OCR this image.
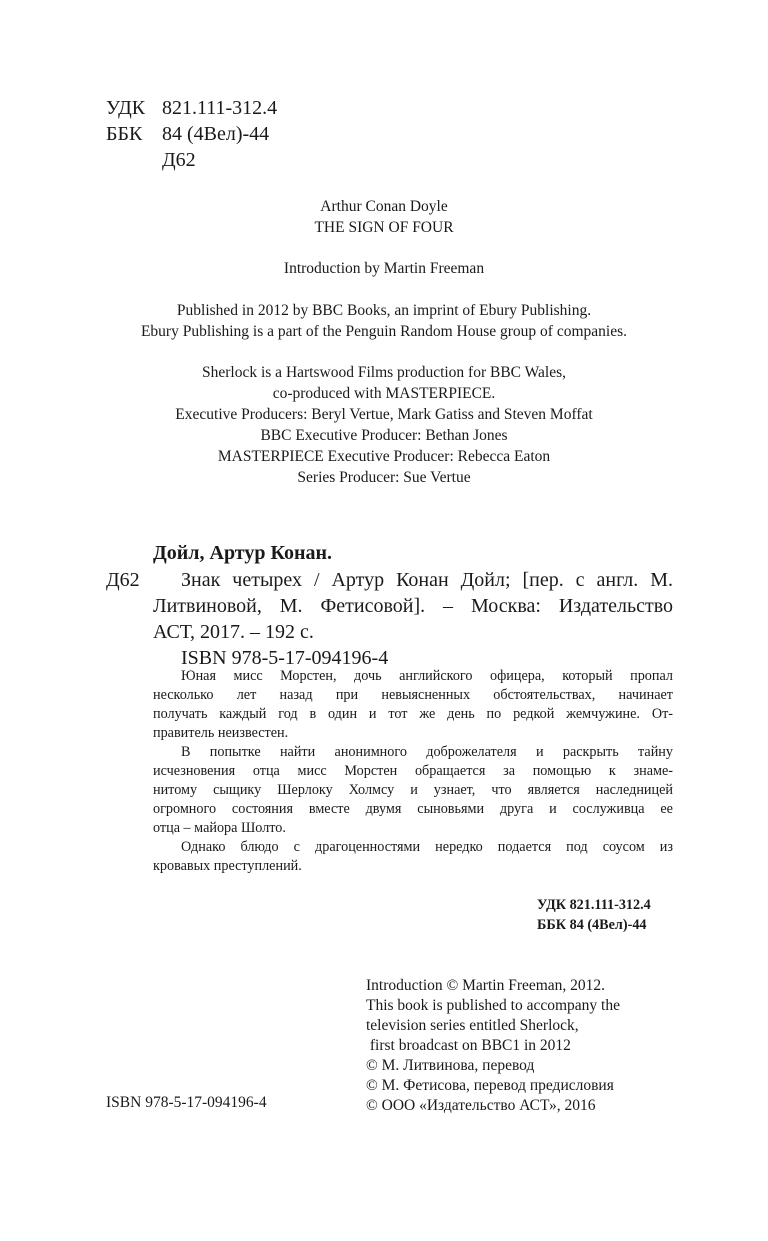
УДК 821.111-312.4
ББК 84 (4Вел)-44
Д62
Arthur Conan Doyle
THE SIGN OF FOUR
Introduction by Martin Freeman
Published in 2012 by BBC Books, an imprint of Ebury Publishing.
Ebury Publishing is a part of the Penguin Random House group of companies.
Sherlock is a Hartswood Films production for BBC Wales,
co-produced with MASTERPIECE.
Executive Producers: Beryl Vertue, Mark Gatiss and Steven Moffat
BBC Executive Producer: Bethan Jones
MASTERPIECE Executive Producer: Rebecca Eaton
Series Producer: Sue Vertue
Дойл, Артур Конан.
Д62 Знак четырех / Артур Конан Дойл; [пер. с англ. М.
Литвиновой, М. Фетисовой]. – Москва: Издательство
АСТ, 2017. – 192 с.
ISBN 978-5-17-094196-4
Юная мисс Морстен, дочь английского офицера, который пропал
несколько лет назад при невыясненных обстоятельствах, начинает
получать каждый год в один и тот же день по редкой жемчужине. От-
правитель неизвестен.
В попытке найти анонимного доброжелателя и раскрыть тайну
исчезновения отца мисс Морстен обращается за помощью к знаме-
нитому сыщику Шерлоку Холмсу и узнает, что является наследницей
огромного состояния вместе двумя сыновьями друга и сослуживца ее
отца – майора Шолто.
Однако блюдо с драгоценностями нередко подается под соусом из
кровавых преступлений.
УДК 821.111-312.4
ББК 84 (4Вел)-44
Introduction © Martin Freeman, 2012.
This book is published to accompany the
television series entitled Sherlock,
first broadcast on BBC1 in 2012
© М. Литвинова, перевод
© М. Фетисова, перевод предисловия
© ООО «Издательство АСТ», 2016
ISBN 978-5-17-094196-4
